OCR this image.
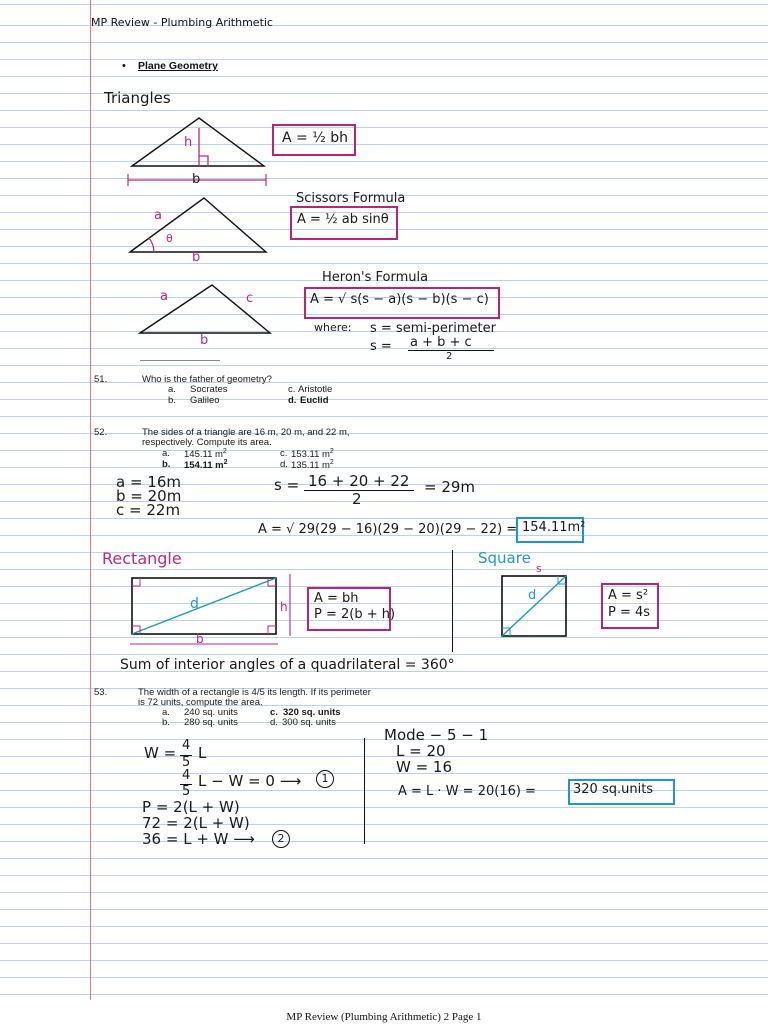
MP Review - Plumbing Arithmetic
• Plane Geometry
Triangles
h
b
A = ½ bh
a
θ
b
Scissors Formula
A = ½ ab sinθ
a	c
b
Heron's Formula
A = √ s(s − a)(s − b)(s − c)
where: s = semi-perimeter
s = a + b + c
2
51.	Who is the father of geometry?
a. Socrates
b. Galileo
c. Aristotle
d. Euclid
52.	The sides of a triangle are 16 m, 20 m, and 22 m,
respectively. Compute its area.
a. 145.11 $m^2$
b. 154.11 $m^2$
c. 153.11 $m^2$
d. 135.11 $m^2$
a = 16m
b = 20m
c = 22m
s = 16 + 20 + 22
2
= 29m
A = √ 29(29 − 16)(29 − 20)(29 − 22) = 154.11m²
Rectangle
d	h
b
A = bh
P = 2(b + h)
Square
s
d	A = s²
P = 4s
Sum of interior angles of a quadrilateral = 360°
53.	The width of a rectangle is 4/5 its length. If its perimeter
is 72 units, compute the area.
a. 240 sq. units
b. 280 sq. units
c. 320 sq. units
d. 300 sq. units
W = 4
5
L
4
5
L − W = 0 ⟶	1
P = 2(L + W)
72 = 2(L + W)
36 = L + W ⟶	2
Mode − 5 − 1
L = 20
W = 16
A = L · W = 20(16) =	320 sq.units
MP Review (Plumbing Arithmetic) 2 Page 1
